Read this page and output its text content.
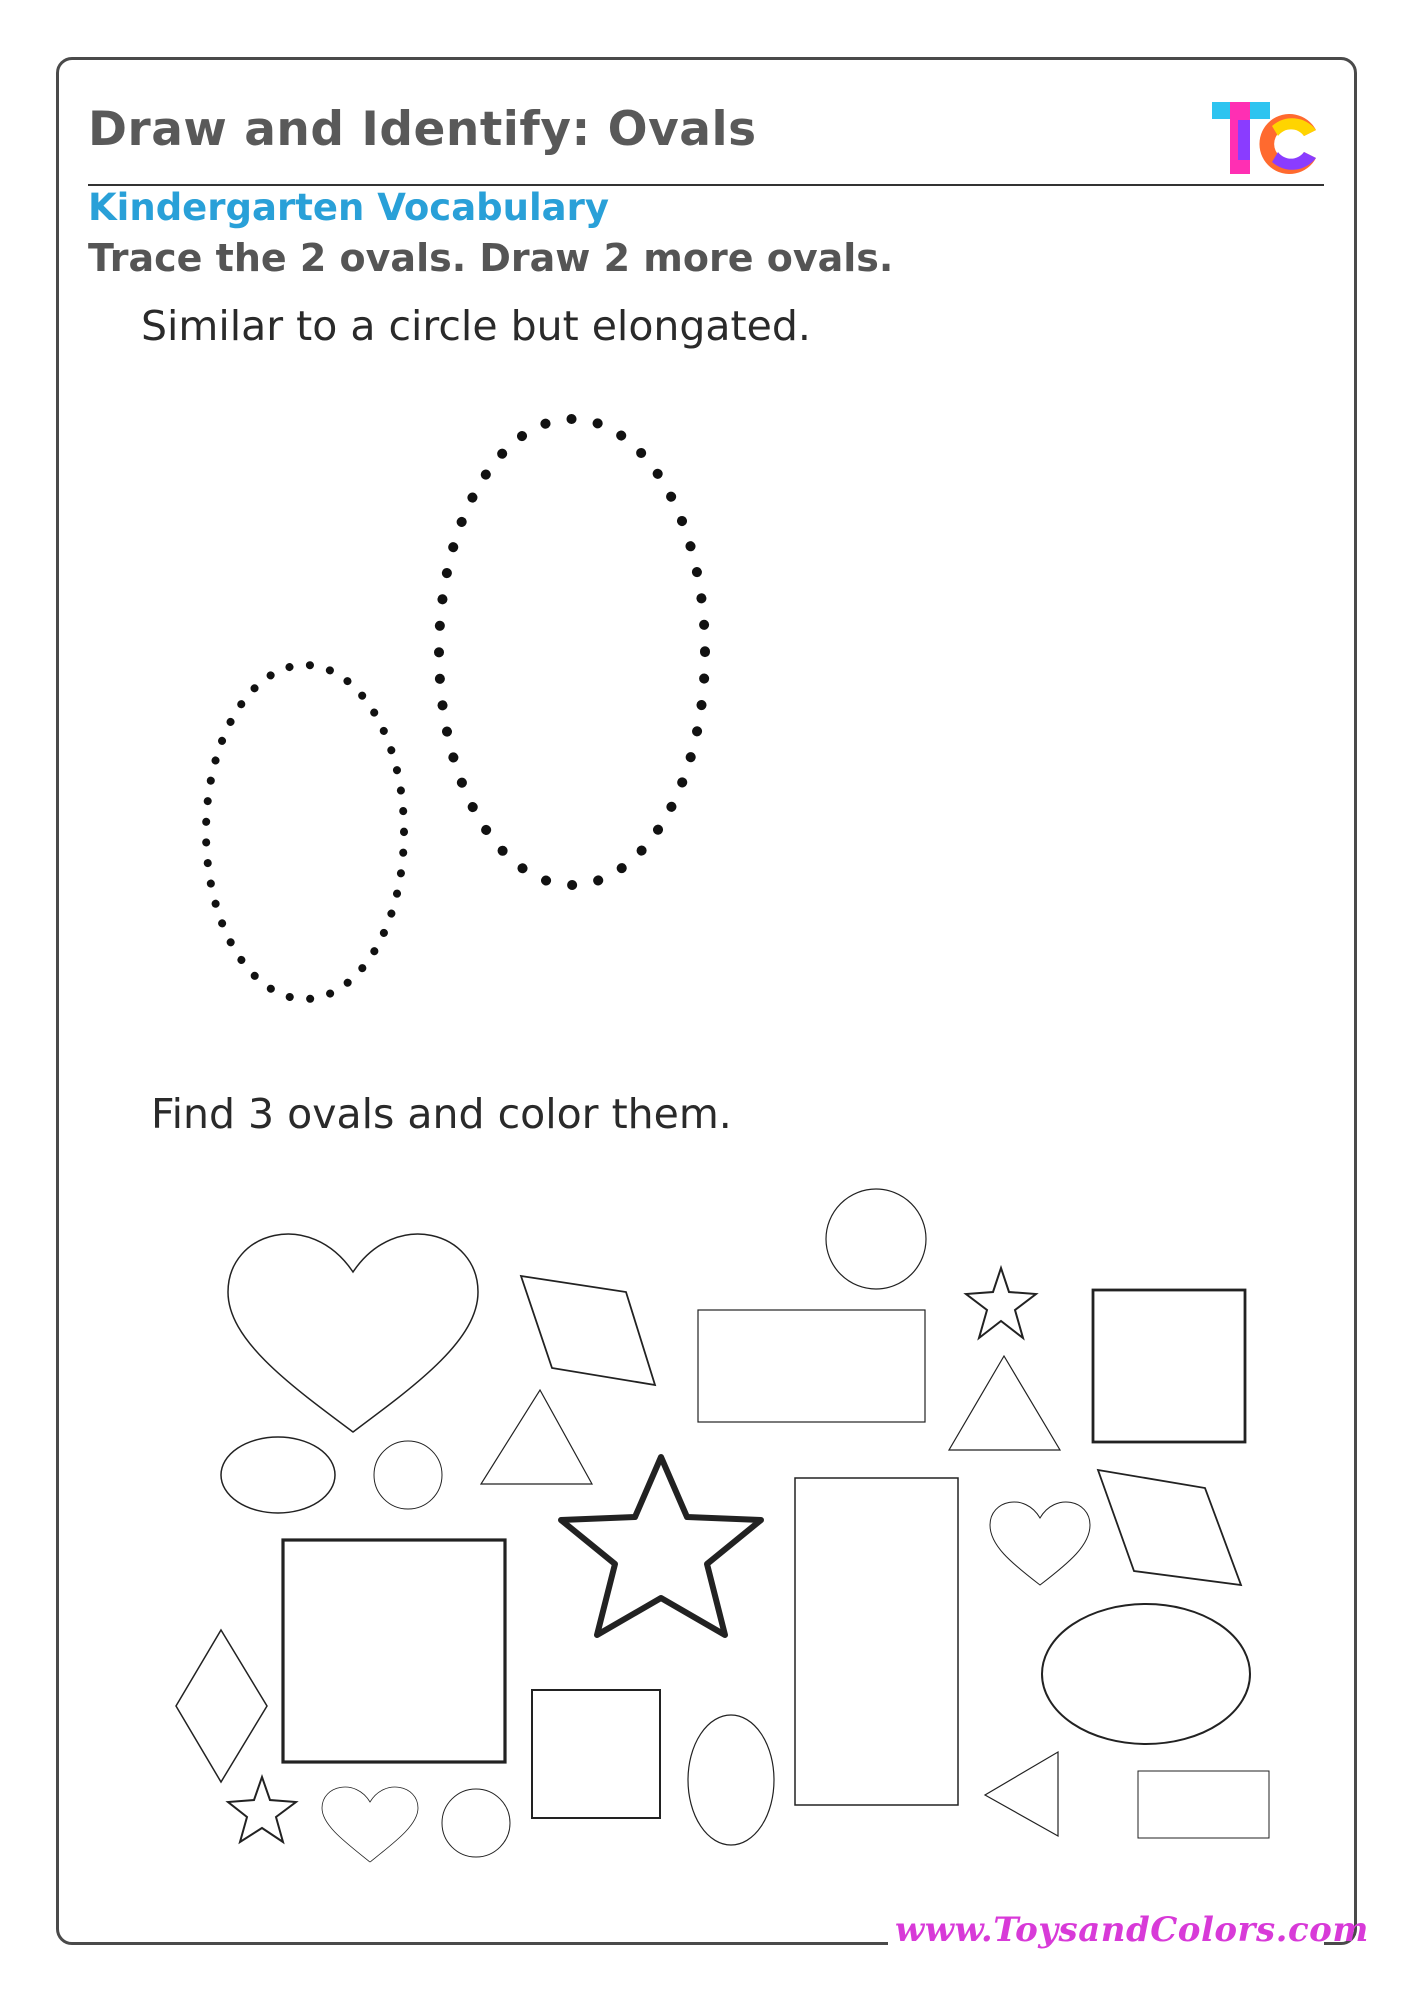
Draw and Identify: Ovals
Kindergarten Vocabulary
Trace the 2 ovals. Draw 2 more ovals.
Similar to a circle but elongated.
Find 3 ovals and color them.
www.ToysandColors.com
